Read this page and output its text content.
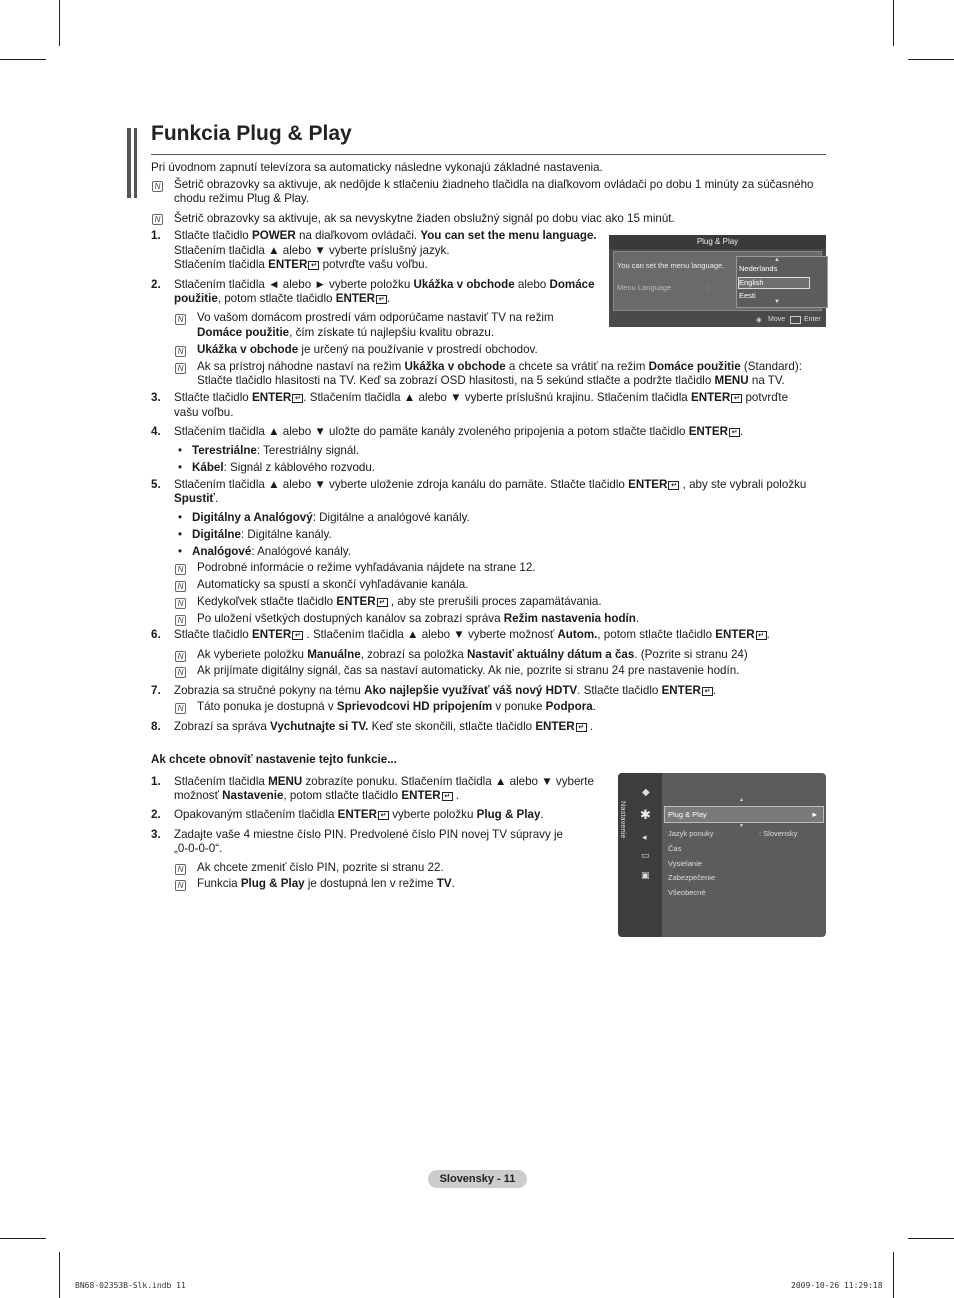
Funkcia Plug & Play
Pri úvodnom zapnutí televízora sa automaticky následne vykonajú základné nastavenia.
N Šetrič obrazovky sa aktivuje, ak nedôjde k stlačeniu žiadneho tlačidla na diaľkovom ovládači po dobu 1 minúty za súčasného
chodu režimu Plug & Play.
N Šetrič obrazovky sa aktivuje, ak sa nevyskytne žiaden obslužný signál po dobu viac ako 15 minút.
1. Stlačte tlačidlo POWER na diaľkovom ovládači. You can set the menu language.
Stlačením tlačidla ▲ alebo ▼ vyberte príslušný jazyk.
Stlačením tlačidla ENTER ↵ potvrďte vašu voľbu.
2. Stlačením tlačidla ◄ alebo ► vyberte položku Ukážka v obchode alebo Domáce
použitie, potom stlačte tlačidlo ENTER ↵ .
N Vo vašom domácom prostredí vám odporúčame nastaviť TV na režim
Domáce použitie, čím získate tú najlepšiu kvalitu obrazu.
N Ukážka v obchode je určený na používanie v prostredí obchodov.
N Ak sa prístroj náhodne nastaví na režim Ukážka v obchode a chcete sa vrátiť na režim Domáce použitie (Standard):
Stlačte tlačidlo hlasitosti na TV. Keď sa zobrazí OSD hlasitosti, na 5 sekúnd stlačte a podržte tlačidlo MENU na TV.
3. Stlačte tlačidlo ENTER ↵ . Stlačením tlačidla ▲ alebo ▼ vyberte príslušnú krajinu. Stlačením tlačidla ENTER ↵ potvrďte
vašu voľbu.
4. Stlačením tlačidla ▲ alebo ▼ uložte do pamäte kanály zvoleného pripojenia a potom stlačte tlačidlo ENTER ↵ .
• Terestriálne: Terestriálny signál.
• Kábel: Signál z káblového rozvodu.
5. Stlačením tlačidla ▲ alebo ▼ vyberte uloženie zdroja kanálu do pamäte. Stlačte tlačidlo ENTER ↵ , aby ste vybrali položku
Spustiť.
• Digitálny a Analógový: Digitálne a analógové kanály.
• Digitálne: Digitálne kanály.
• Analógové: Analógové kanály.
N Podrobné informácie o režime vyhľadávania nájdete na strane 12.
N Automaticky sa spustí a skončí vyhľadávanie kanála.
N Kedykoľvek stlačte tlačidlo ENTER ↵ , aby ste prerušili proces zapamätávania.
N Po uložení všetkých dostupných kanálov sa zobrazí správa Režim nastavenia hodín.
6. Stlačte tlačidlo ENTER ↵ . Stlačením tlačidla ▲ alebo ▼ vyberte možnosť Autom., potom stlačte tlačidlo ENTER ↵ .
N Ak vyberiete položku Manuálne, zobrazí sa položka Nastaviť aktuálny dátum a čas. (Pozrite si stranu 24)
N Ak prijímate digitálny signál, čas sa nastaví automaticky. Ak nie, pozrite si stranu 24 pre nastavenie hodín.
7. Zobrazia sa stručné pokyny na tému Ako najlepšie využívať váš nový HDTV. Stlačte tlačidlo ENTER ↵ .
N Táto ponuka je dostupná v Sprievodcovi HD pripojením v ponuke Podpora.
8. Zobrazí sa správa Vychutnajte si TV. Keď ste skončili, stlačte tlačidlo ENTER ↵ .
Ak chcete obnoviť nastavenie tejto funkcie...
1. Stlačením tlačidla MENU zobrazíte ponuku. Stlačením tlačidla ▲ alebo ▼ vyberte
možnosť Nastavenie, potom stlačte tlačidlo ENTER ↵ .
2. Opakovaným stlačením tlačidla ENTER ↵ vyberte položku Plug & Play.
3. Zadajte vaše 4 miestne číslo PIN. Predvolené číslo PIN novej TV súpravy je
„0-0-0-0“.
N Ak chcete zmeniť číslo PIN, pozrite si stranu 22.
N Funkcia Plug & Play je dostupná len v režime TV.
Plug & Play
You can set the menu language.
Menu Language	:
▲
Nederlands
English
Eesti
▼
◈ Move	Enter
Nastavenie
◆
✱
◂
▭
▣
▲
Plug & Play	►
▼
Jazyk ponuky	: Slovensky
Čas
Vysielanie
Zabezpečenie
Všeobecné
Slovensky - 11
BN68-02353B-Slk.indb 11	2009-10-26 11:29:18
